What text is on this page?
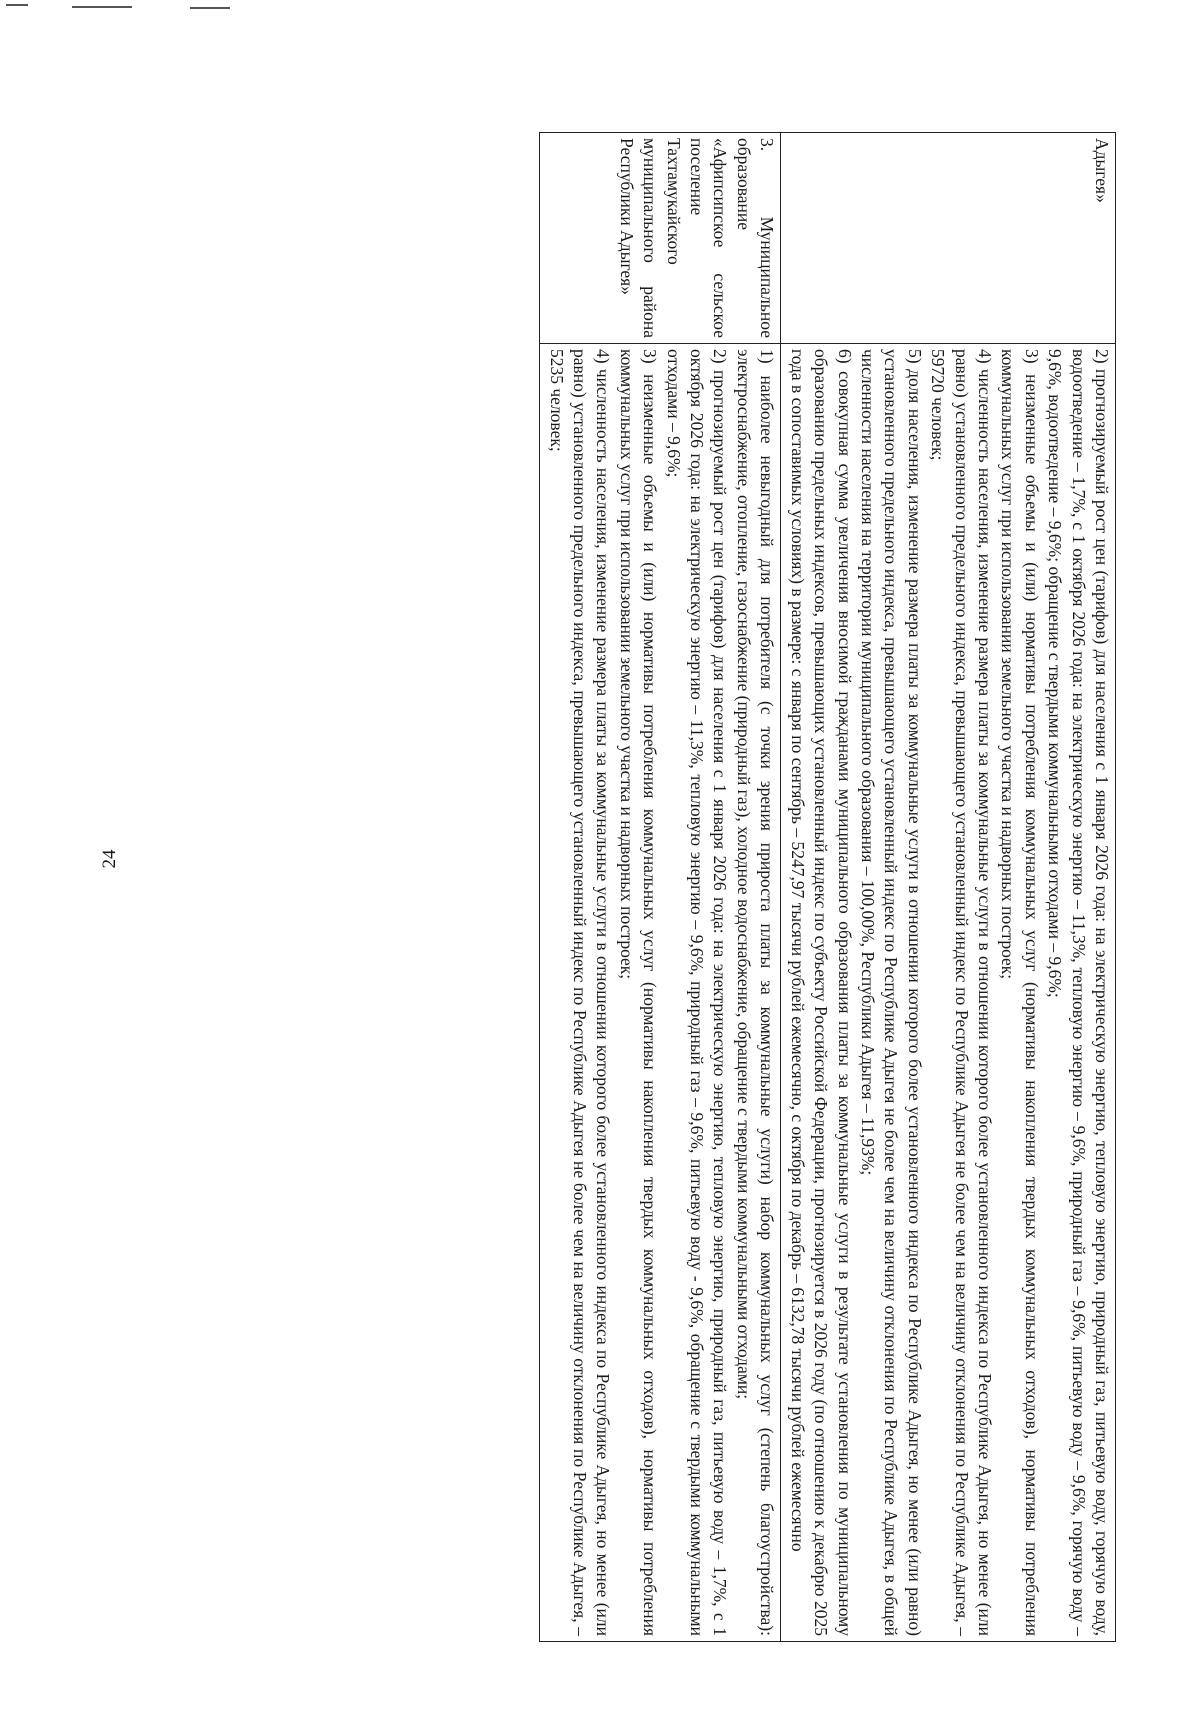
24

Адыгея»	2) прогнозируемый рост цен (тарифов) для населения с 1 января 2026 года: на электрическую энергию, тепловую энергию, природный газ, питьевую воду, горячую воду, водоотведение – 1,7%, с 1 октября 2026 года: на электрическую энергию – 11,3%, тепловую энергию – 9,6%, природный газ – 9,6%, питьевую воду – 9,6%, горячую воду – 9,6%, водоотведение – 9,6%; обращение с твердыми коммунальными отходами – 9,6%;

3) неизменные объемы и (или) нормативы потребления коммунальных услуг (нормативы накопления твердых коммунальных отходов), нормативы потребления коммунальных услуг при использовании земельного участка и надворных построек;

4) численность населения, изменение размера платы за коммунальные услуги в отношении которого более установленного индекса по Республике Адыгея, но менее (или равно) установленного предельного индекса, превышающего установленный индекс по Республике Адыгея не более чем на величину отклонения по Республике Адыгея, – 59720 человек;

5) доля населения, изменение размера платы за коммунальные услуги в отношении которого более установленного индекса по Республике Адыгея, но менее (или равно) установленного предельного индекса, превышающего установленный индекс по Республике Адыгея не более чем на величину отклонения по Республике Адыгея, в общей численности населения на территории муниципального образования – 100,00%, Республики Адыгея – 11,93%;

6) совокупная сумма увеличения вносимой гражданами муниципального образования платы за коммунальные услуги в результате установления по муниципальному образованию предельных индексов, превышающих установленный индекс по субъекту Российской Федерации, прогнозируется в 2026 году (по отношению к декабрю 2025 года в сопоставимых условиях) в размере: с января по сентябрь – 5247,97 тысячи рублей ежемесячно, с октября по декабрь – 6132,78 тысячи рублей ежемесячно

3. Муниципальное образование «Афипсипское сельское поселение Тахтамукайского муниципального района Республики Адыгея»	1) наиболее невыгодный для потребителя (с точки зрения прироста платы за коммунальные услуги) набор коммунальных услуг (степень благоустройства): электроснабжение, отопление, газоснабжение (природный газ), холодное водоснабжение, обращение с твердыми коммунальными отходами;

2) прогнозируемый рост цен (тарифов) для населения с 1 января 2026 года: на электрическую энергию, тепловую энергию, природный газ, питьевую воду – 1,7%, с 1 октября 2026 года: на электрическую энергию – 11,3%, тепловую энергию – 9,6%, природный газ – 9,6%, питьевую воду - 9,6%, обращение с твердыми коммунальными отходами – 9,6%;

3) неизменные объемы и (или) нормативы потребления коммунальных услуг (нормативы накопления твердых коммунальных отходов), нормативы потребления коммунальных услуг при использовании земельного участка и надворных построек;

4) численность населения, изменение размера платы за коммунальные услуги в отношении которого более установленного индекса по Республике Адыгея, но менее (или равно) установленного предельного индекса, превышающего установленный индекс по Республике Адыгея не более чем на величину отклонения по Республике Адыгея, – 5235 человек;
